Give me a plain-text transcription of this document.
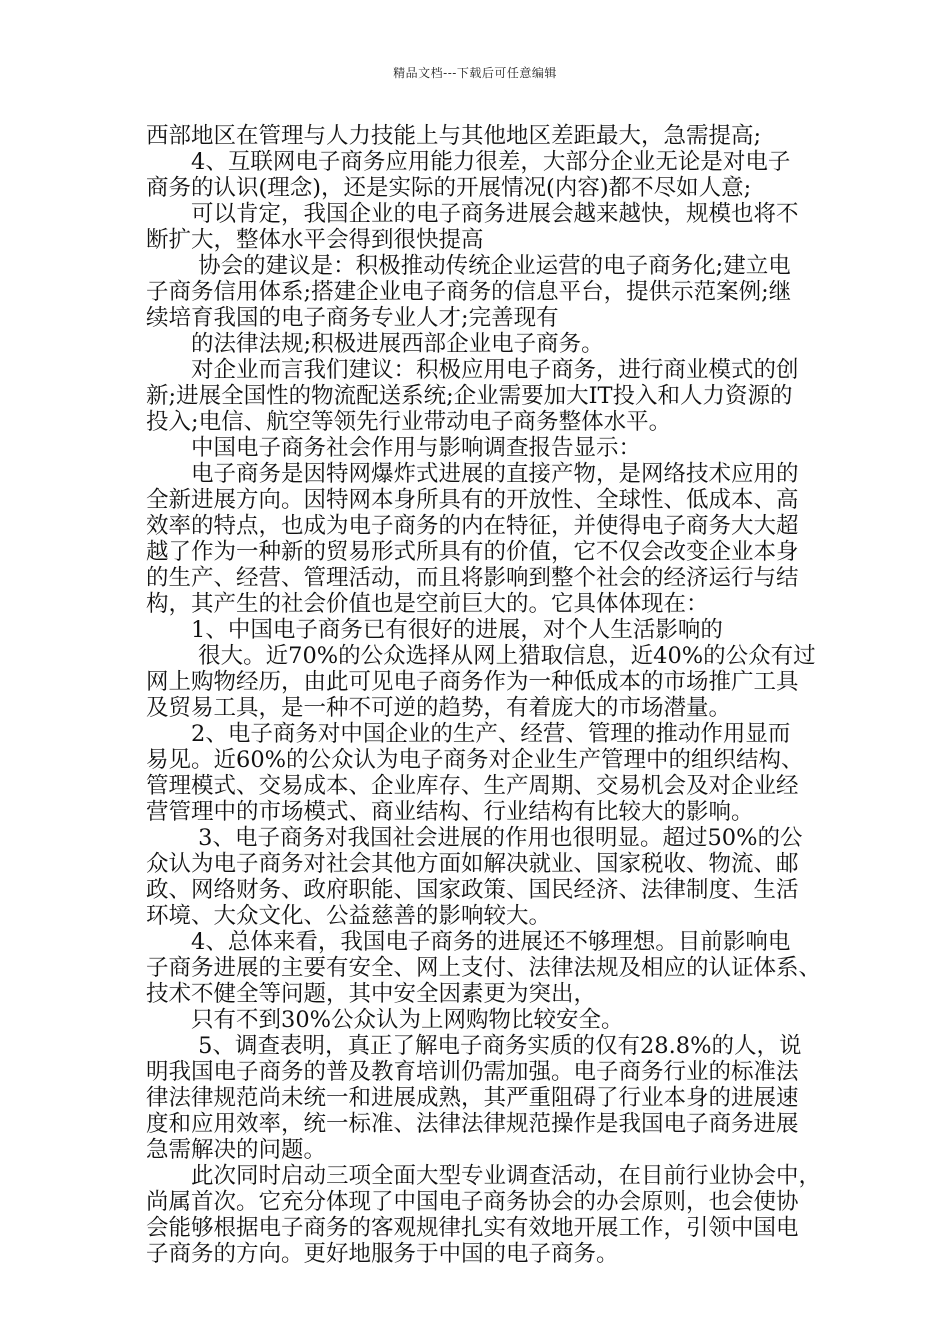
精品文档---下载后可任意编辑
西部地区在管理与人力技能上与其他地区差距最大，急需提高;
　　4、互联网电子商务应用能力很差，大部分企业无论是对电子
商务的认识(理念)，还是实际的开展情况(内容)都不尽如人意;
　　可以肯定，我国企业的电子商务进展会越来越快，规模也将不
断扩大，整体水平会得到很快提高
　　 协会的建议是：积极推动传统企业运营的电子商务化;建立电
子商务信用体系;搭建企业电子商务的信息平台，提供示范案例;继
续培育我国的电子商务专业人才;完善现有
　　的法律法规;积极进展西部企业电子商务。
　　对企业而言我们建议：积极应用电子商务，进行商业模式的创
新;进展全国性的物流配送系统;企业需要加大IT投入和人力资源的
投入;电信、航空等领先行业带动电子商务整体水平。
　　中国电子商务社会作用与影响调查报告显示：
　　电子商务是因特网爆炸式进展的直接产物，是网络技术应用的
全新进展方向。因特网本身所具有的开放性、全球性、低成本、高
效率的特点，也成为电子商务的内在特征，并使得电子商务大大超
越了作为一种新的贸易形式所具有的价值，它不仅会改变企业本身
的生产、经营、管理活动，而且将影响到整个社会的经济运行与结
构，其产生的社会价值也是空前巨大的。它具体体现在：
　　1、中国电子商务已有很好的进展，对个人生活影响的
　　 很大。近70%的公众选择从网上猎取信息，近40%的公众有过
网上购物经历，由此可见电子商务作为一种低成本的市场推广工具
及贸易工具，是一种不可逆的趋势，有着庞大的市场潜量。
　　2、电子商务对中国企业的生产、经营、管理的推动作用显而
易见。近60%的公众认为电子商务对企业生产管理中的组织结构、
管理模式、交易成本、企业库存、生产周期、交易机会及对企业经
营管理中的市场模式、商业结构、行业结构有比较大的影响。
　　 3、电子商务对我国社会进展的作用也很明显。超过50%的公
众认为电子商务对社会其他方面如解决就业、国家税收、物流、邮
政、网络财务、政府职能、国家政策、国民经济、法律制度、生活
环境、大众文化、公益慈善的影响较大。
　　4、总体来看，我国电子商务的进展还不够理想。目前影响电
子商务进展的主要有安全、网上支付、法律法规及相应的认证体系、
技术不健全等问题，其中安全因素更为突出，
　　只有不到30%公众认为上网购物比较安全。
　　 5、调查表明，真正了解电子商务实质的仅有28.8%的人，说
明我国电子商务的普及教育培训仍需加强。电子商务行业的标准法
律法律规范尚未统一和进展成熟，其严重阻碍了行业本身的进展速
度和应用效率，统一标准、法律法律规范操作是我国电子商务进展
急需解决的问题。
　　此次同时启动三项全面大型专业调查活动，在目前行业协会中，
尚属首次。它充分体现了中国电子商务协会的办会原则，也会使协
会能够根据电子商务的客观规律扎实有效地开展工作，引领中国电
子商务的方向。更好地服务于中国的电子商务。
